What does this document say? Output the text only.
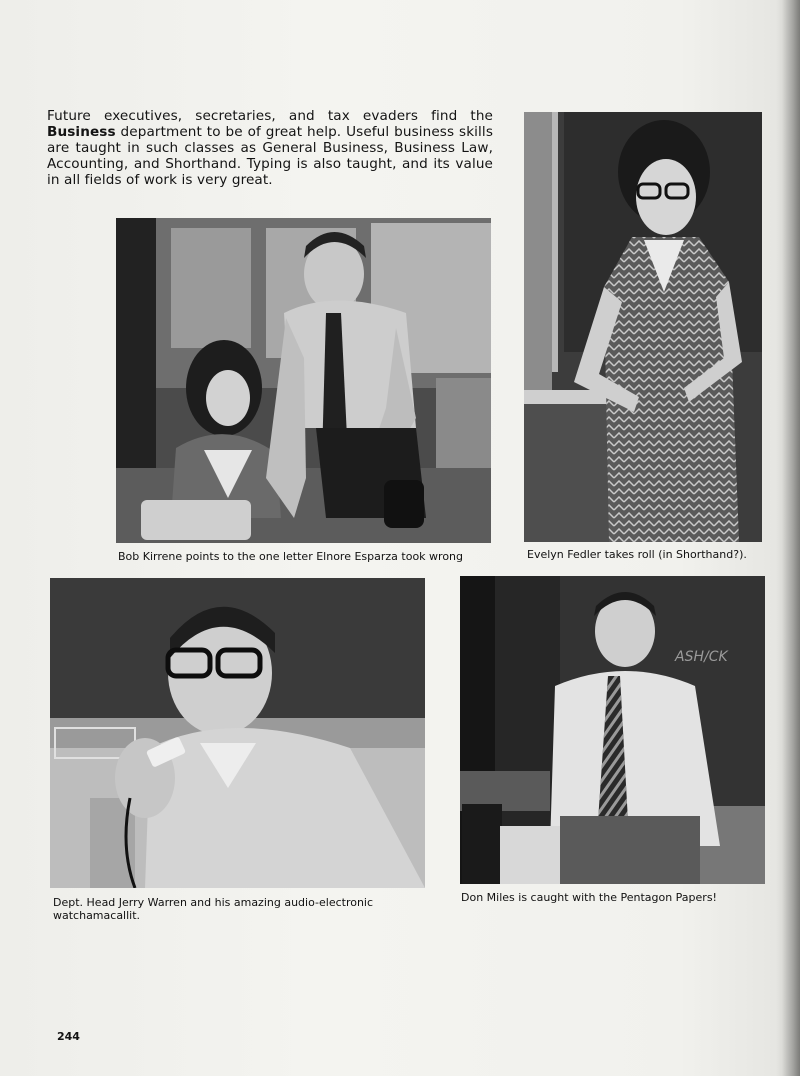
Future executives, secretaries, and tax evaders find the Business department to be of great help. Useful business skills are taught in such classes as General Business, Business Law, Accounting, and Shorthand. Typing is also taught, and its value in all fields of work is very great.

Bob Kirrene points to the one letter Elnore Esparza took wrong	Evelyn Fedler takes roll (in Shorthand?).
Dept. Head Jerry Warren and his amazing audio-electronic watchamacallit.
ASH/CK
Don Miles is caught with the Pentagon Papers!
244
